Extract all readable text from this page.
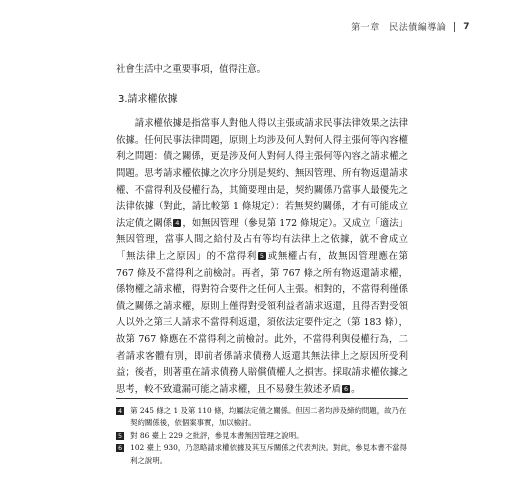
第一章　民法債編導論 7

社會生活中之重要事項，值得注意。

3.請求權依據

請求權依據是指當事人對他人得以主張或請求民事法律效果之法律依據。任何民事法律問題，原則上均涉及何人對何人得主張何等內容權利之問題：債之關係，更是涉及何人對何人得主張何等內容之請求權之問題。思考請求權依據之次序分別是契約、無因管理、所有物返還請求權、不當得利及侵權行為，其簡要理由是，契約關係乃當事人最優先之法律依據（對此，請比較第 1 條規定）：若無契約關係，才有可能成立法定債之關係 4 ，如無因管理（參見第 172 條規定）。又成立「適法」無因管理，當事人間之給付及占有等均有法律上之依據，就不會成立「無法律上之原因」的不當得利 5 或無權占有，故無因管理應在第 767 條及不當得利之前檢討。再者，第 767 條之所有物返還請求權，係物權之請求權，得對符合要件之任何人主張。相對的，不當得利僅係債之關係之請求權，原則上僅得對受領利益者請求返還，且得否對受領人以外之第三人請求不當得利返還，須依法定要件定之（第 183 條），故第 767 條應在不當得利之前檢討。此外，不當得利與侵權行為，二者請求客體有別，即前者係請求債務人返還其無法律上之原因所受利益；後者，則著重在請求債務人賠償債權人之損害。採取請求權依據之思考，較不致遺漏可能之請求權，且不易發生敘述矛盾 6 。

4 第 245 條之 1 及第 110 條，均屬法定債之關係。但因二者均涉及締約問題，故乃在契約關係後，依個案事實，加以檢討。
5 對 86 臺上 229 之批評，參見本書無因管理之說明。
6 102 臺上 930，乃忽略請求權依據及其互斥關係之代表判決。對此，參見本書不當得利之說明。
